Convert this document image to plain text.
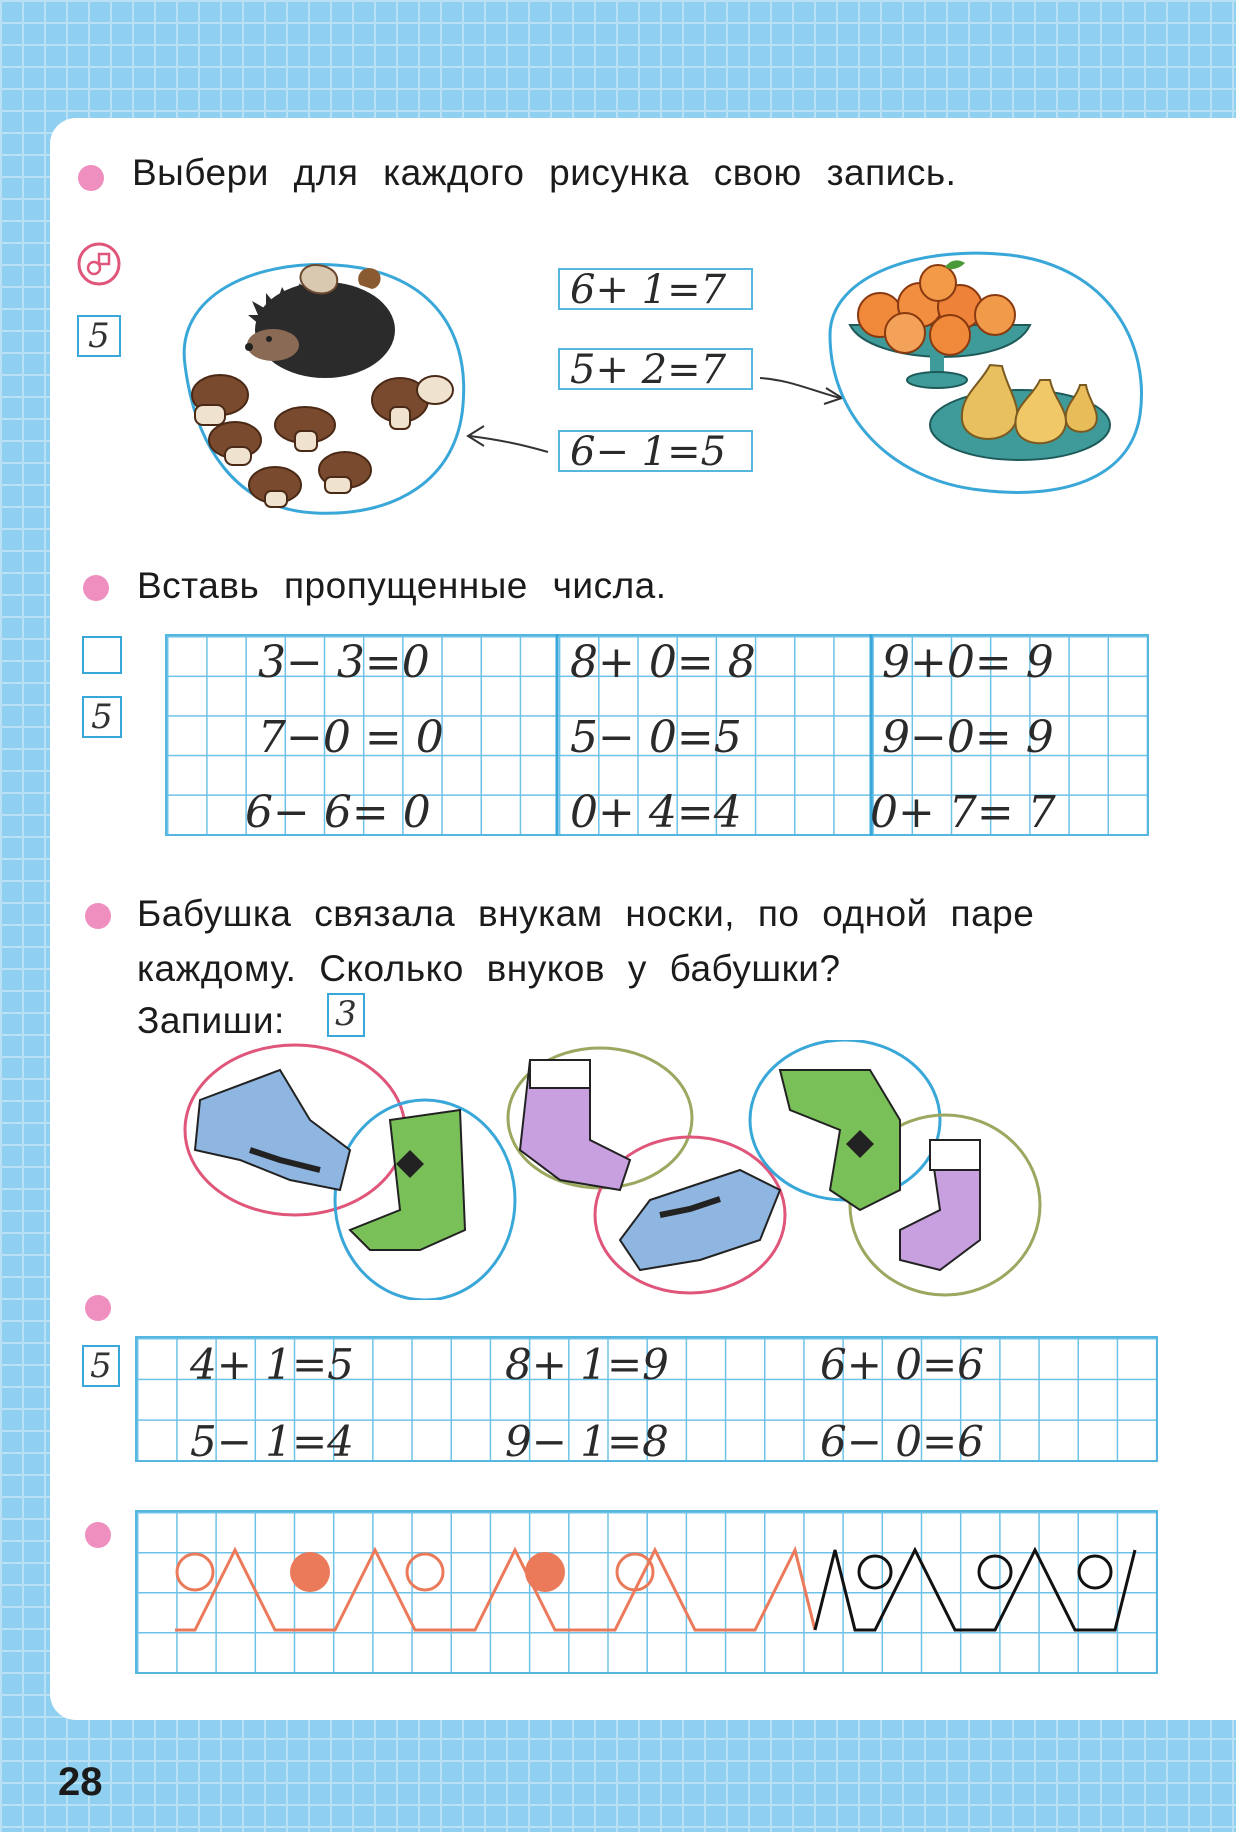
Выбери для каждого рисунка свою запись.
5
6+ 1=7
5+ 2=7
6− 1=5
Вставь пропущенные числа.
5
3− 3=0	8+ 0= 8	9+0= 9
7−0 = 0	5− 0=5	9−0= 9
6− 6= 0	0+ 4=4	0+ 7= 7
Бабушка связала внукам носки, по одной паре
каждому. Сколько внуков у бабушки?
Запиши: 3
5 4+ 1=5	8+ 1=9	6+ 0=6
5− 1=4	9− 1=8	6− 0=6
28
